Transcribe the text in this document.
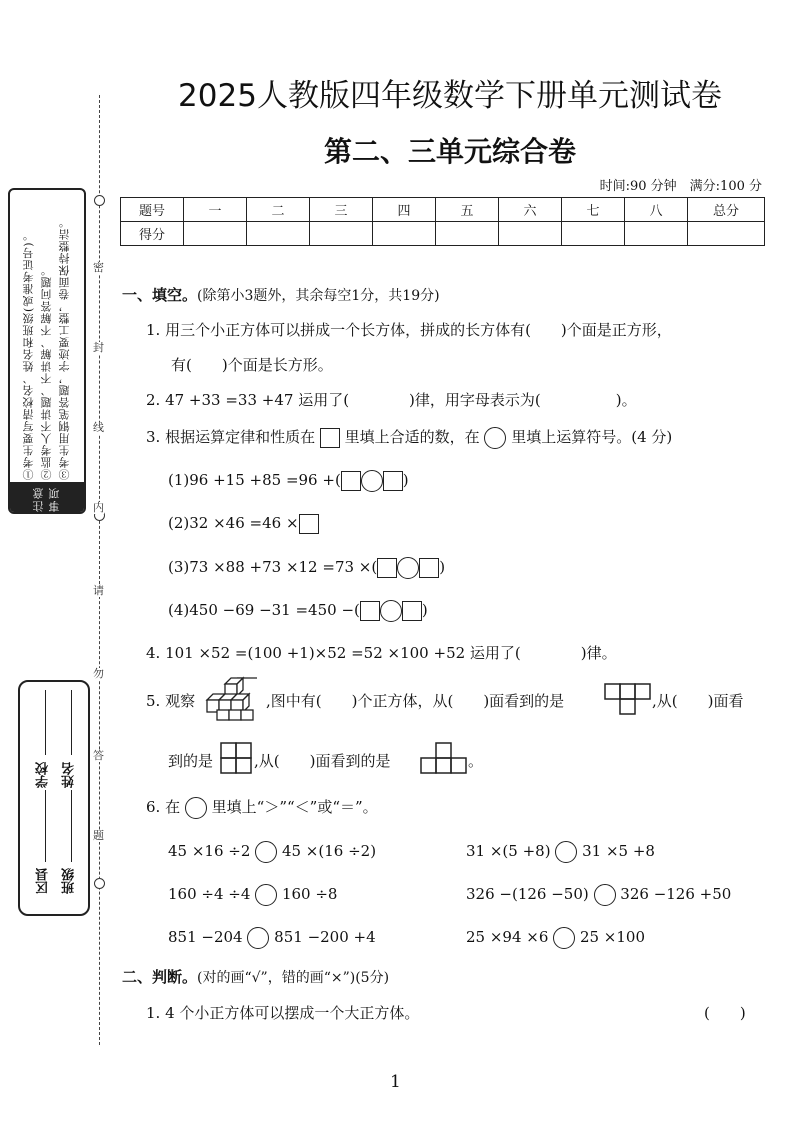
密
封
线
内
请
勿
答
题
①考生要写清校名、姓名和班级(或准考证号)。 ②监考人不讲题、不讲解、不解答问题。 ③考生用钢笔答题，字迹要工整，卷面保持整洁。
注意事项
学校
区县
姓名
班级
2025人教版四年级数学下册单元测试卷
第二、三单元综合卷
时间:90 分钟　满分:100 分
题号	一	二	三	四	五	六	七	八	总分
得分									
一、填空。(除第小3题外，其余每空1分，共19分)
1. 用三个小正方体可以拼成一个长方体，拼成的长方体有(　　)个面是正方形，
有(　　)个面是长方形。
2. 47 +33 =33 +47 运用了(　　　　)律，用字母表示为(　　　　　)。
3. 根据运算定律和性质在 里填上合适的数，在 里填上运算符号。(4 分)
(1)96 +15 +85 =96 +(	)
(2)32 ×46 =46 ×
(3)73 ×88 +73 ×12 =73 ×(	)
(4)450 −69 −31 =450 −(	)
4. 101 ×52 =(100 +1)×52 =52 ×100 +52 运用了(　　　　)律。
5. 观察	,图中有(　　)个正方体，从(　　)面看到的是	,从(　　)面看
到的是	,从(　　)面看到的是	。
6. 在 里填上“＞”“＜”或“＝”。
45 ×16 ÷2 45 ×(16 ÷2)	31 ×(5 +8) 31 ×5 +8
160 ÷4 ÷4 160 ÷8	326 −(126 −50) 326 −126 +50
851 −204 851 −200 +4	25 ×94 ×6 25 ×100
二、判断。(对的画“√”，错的画“×”)(5分)
1. 4 个小正方体可以摆成一个大正方体。	(　　)
1
